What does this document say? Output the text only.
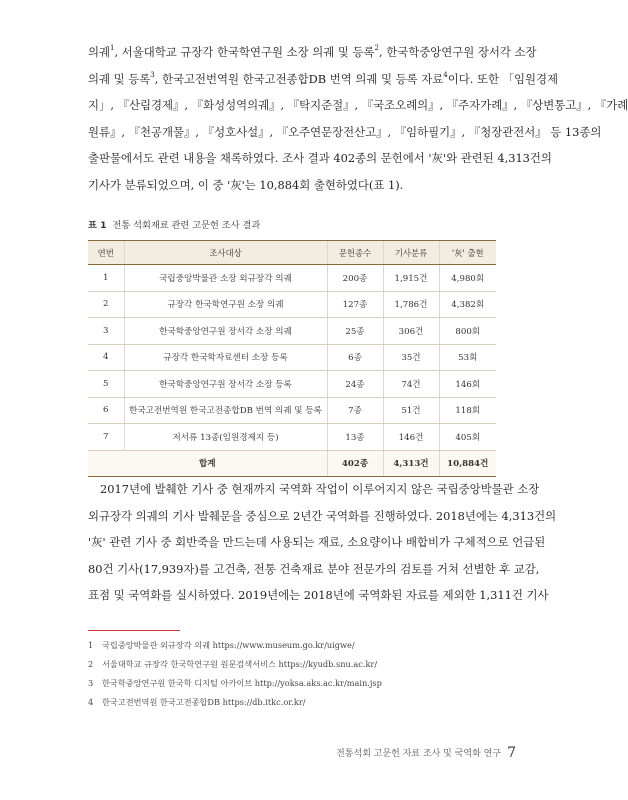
의궤$^1$, 서울대학교 규장각 한국학연구원 소장 의궤 및 등록$^2$, 한국학중앙연구원 장서각 소장
의궤 및 등록$^3$, 한국고전번역원 한국고전종합DB 번역 의궤 및 등록 자료$^4$이다. 또한 「임원경제
지」, 『산림경제』, 『화성성역의궤』, 『탁지준절』, 『국조오례의』, 『주자가례』, 『상변통고』, 『가례
원류』, 『천공개물』, 『성호사설』, 『오주연문장전산고』, 『임하필기』, 『청장관전서』 등 13종의
출판물에서도 관련 내용을 채록하였다. 조사 결과 402종의 문헌에서 '灰'와 관련된 4,313건의
기사가 분류되었으며, 이 중 '灰'는 10,884회 출현하였다(표 1).
표 1 전통 석회재료 관련 고문헌 조사 결과
연번	조사대상	문헌종수	기사분류	'灰' 출현
1	국립중앙박물관 소장 외규장각 의궤	200종	1,915건	4,980회
2	규장각 한국학연구원 소장 의궤	127종	1,786건	4,382회
3	한국학중앙연구원 장서각 소장 의궤	25종	306건	800회
4	규장각 한국학자료센터 소장 등록	6종	35건	53회
5	한국학중앙연구원 장서각 소장 등록	24종	74건	146회
6	한국고전번역원 한국고전종합DB 번역 의궤 및 등록	7종	51건	118회
7	저서류 13종(임원경제지 등)	13종	146건	405회
합계		402종	4,313건	10,884건
2017년에 발췌한 기사 중 현재까지 국역화 작업이 이루어지지 않은 국립중앙박물관 소장
외규장각 의궤의 기사 발췌문을 중심으로 2년간 국역화를 진행하였다. 2018년에는 4,313건의
'灰' 관련 기사 중 회반죽을 만드는데 사용되는 재료, 소요량이나 배합비가 구체적으로 언급된
80건 기사(17,939자)를 고건축, 전통 건축재료 분야 전문가의 검토를 거쳐 선별한 후 교감,
표점 및 국역화를 실시하였다. 2019년에는 2018년에 국역화된 자료를 제외한 1,311건 기사
1 국립중앙박물관 외규장각 의궤 https://www.museum.go.kr/uigwe/
2 서울대학교 규장각 한국학연구원 원문검색서비스 https://kyudb.snu.ac.kr/
3 한국학중앙연구원 한국학 디지털 아카이브 http://yoksa.aks.ac.kr/main.jsp
4 한국고전번역원 한국고전종합DB https://db.itkc.or.kr/
전통석회 고문헌 자료 조사 및 국역화 연구 7
